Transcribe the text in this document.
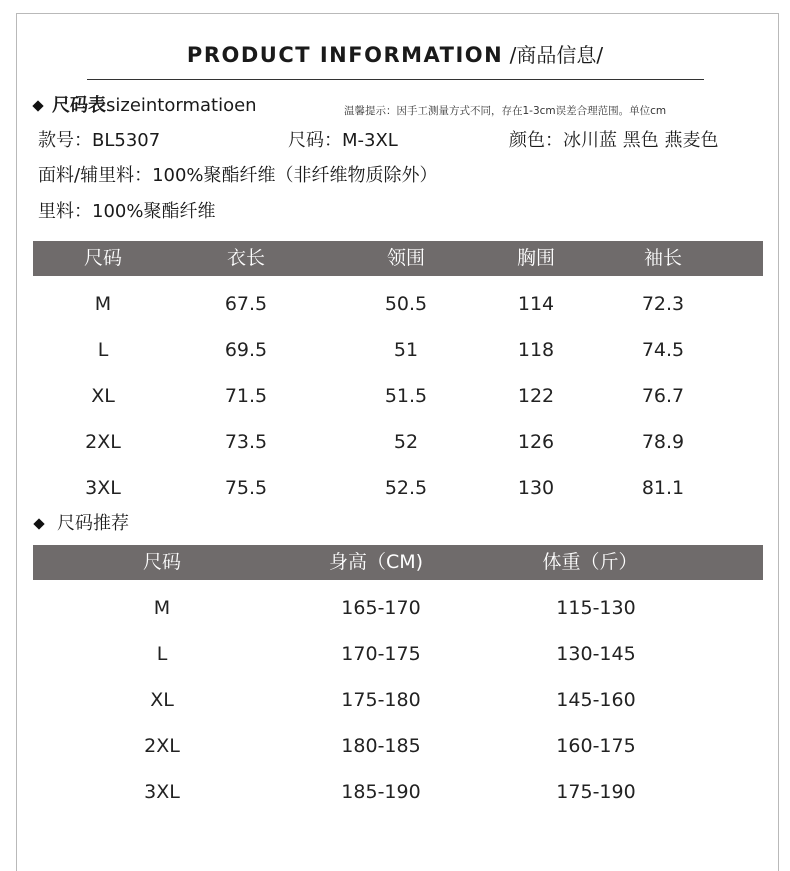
PRODUCT INFORMATION /商品信息/
尺码表 sizeintormatioen	温馨提示：因手工测量方式不同，存在1-3cm误差合理范围。单位cm
款号：BL5307	尺码：M-3XL	颜色：冰川蓝 黑色 燕麦色
面料/辅里料：100%聚酯纤维（非纤维物质除外）
里料：100%聚酯纤维
尺码	衣长	领围	胸围	袖长
M	67.5	50.5	114	72.3
L	69.5	51	118	74.5
XL	71.5	51.5	122	76.7
2XL	73.5	52	126	78.9
3XL	75.5	52.5	130	81.1
尺码推荐
尺码	身高（CM)	体重（斤）
M	165-170	115-130
L	170-175	130-145
XL	175-180	145-160
2XL	180-185	160-175
3XL	185-190	175-190
